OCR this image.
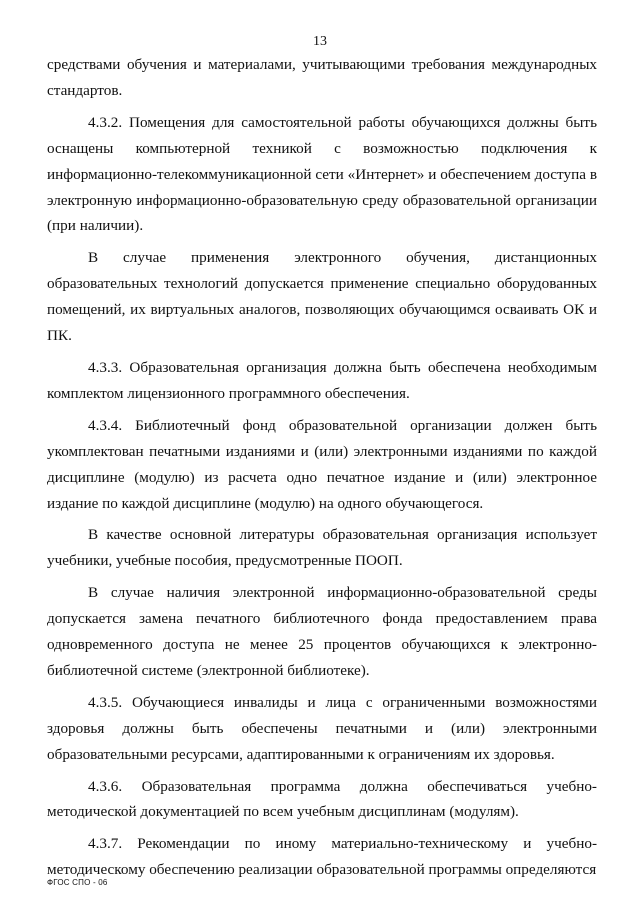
13

средствами обучения и материалами, учитывающими требования международных стандартов.

4.3.2. Помещения для самостоятельной работы обучающихся должны быть оснащены компьютерной техникой с возможностью подключения к информационно-телекоммуникационной сети «Интернет» и обеспечением доступа в электронную информационно-образовательную среду образовательной организации (при наличии).

В случае применения электронного обучения, дистанционных образовательных технологий допускается применение специально оборудованных помещений, их виртуальных аналогов, позволяющих обучающимся осваивать ОК и ПК.

4.3.3. Образовательная организация должна быть обеспечена необходимым комплектом лицензионного программного обеспечения.

4.3.4. Библиотечный фонд образовательной организации должен быть укомплектован печатными изданиями и (или) электронными изданиями по каждой дисциплине (модулю) из расчета одно печатное издание и (или) электронное издание по каждой дисциплине (модулю) на одного обучающегося.

В качестве основной литературы образовательная организация использует учебники, учебные пособия, предусмотренные ПООП.

В случае наличия электронной информационно-образовательной среды допускается замена печатного библиотечного фонда предоставлением права одновременного доступа не менее 25 процентов обучающихся к электронно-библиотечной системе (электронной библиотеке).

4.3.5. Обучающиеся инвалиды и лица с ограниченными возможностями здоровья должны быть обеспечены печатными и (или) электронными образовательными ресурсами, адаптированными к ограничениям их здоровья.

4.3.6. Образовательная программа должна обеспечиваться учебно-методической документацией по всем учебным дисциплинам (модулям).

4.3.7. Рекомендации по иному материально-техническому и учебно-методическому обеспечению реализации образовательной программы определяются

ФГОС СПО - 06
